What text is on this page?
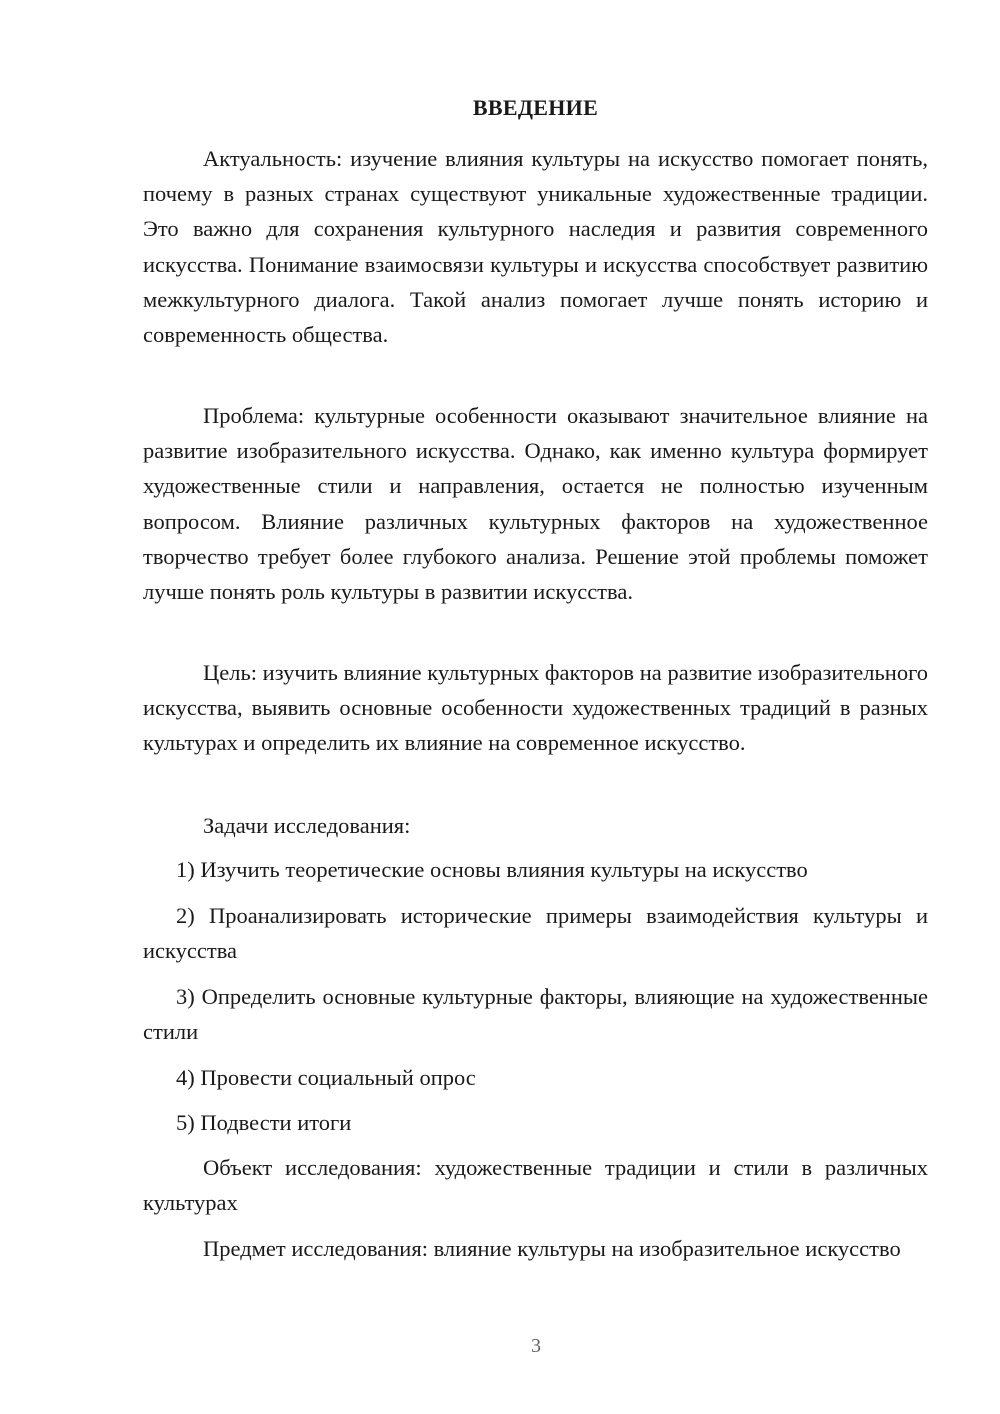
ВВЕДЕНИЕ

Актуальность: изучение влияния культуры на искусство помогает понять, почему в разных странах существуют уникальные художественные традиции. Это важно для сохранения культурного наследия и развития современного искусства. Понимание взаимосвязи культуры и искусства способствует развитию межкультурного диалога. Такой анализ помогает лучше понять историю и современность общества.

Проблема: культурные особенности оказывают значительное влияние на развитие изобразительного искусства. Однако, как именно культура формирует художественные стили и направления, остается не полностью изученным вопросом. Влияние различных культурных факторов на художественное творчество требует более глубокого анализа. Решение этой проблемы поможет лучше понять роль культуры в развитии искусства.

Цель: изучить влияние культурных факторов на развитие изобразительного искусства, выявить основные особенности художественных традиций в разных культурах и определить их влияние на современное искусство.

Задачи исследования:

1) Изучить теоретические основы влияния культуры на искусство

2) Проанализировать исторические примеры взаимодействия культуры и искусства

3) Определить основные культурные факторы, влияющие на художественные стили

4) Провести социальный опрос

5) Подвести итоги

Объект исследования: художественные традиции и стили в различных культурах

Предмет исследования: влияние культуры на изобразительное искусство

3
